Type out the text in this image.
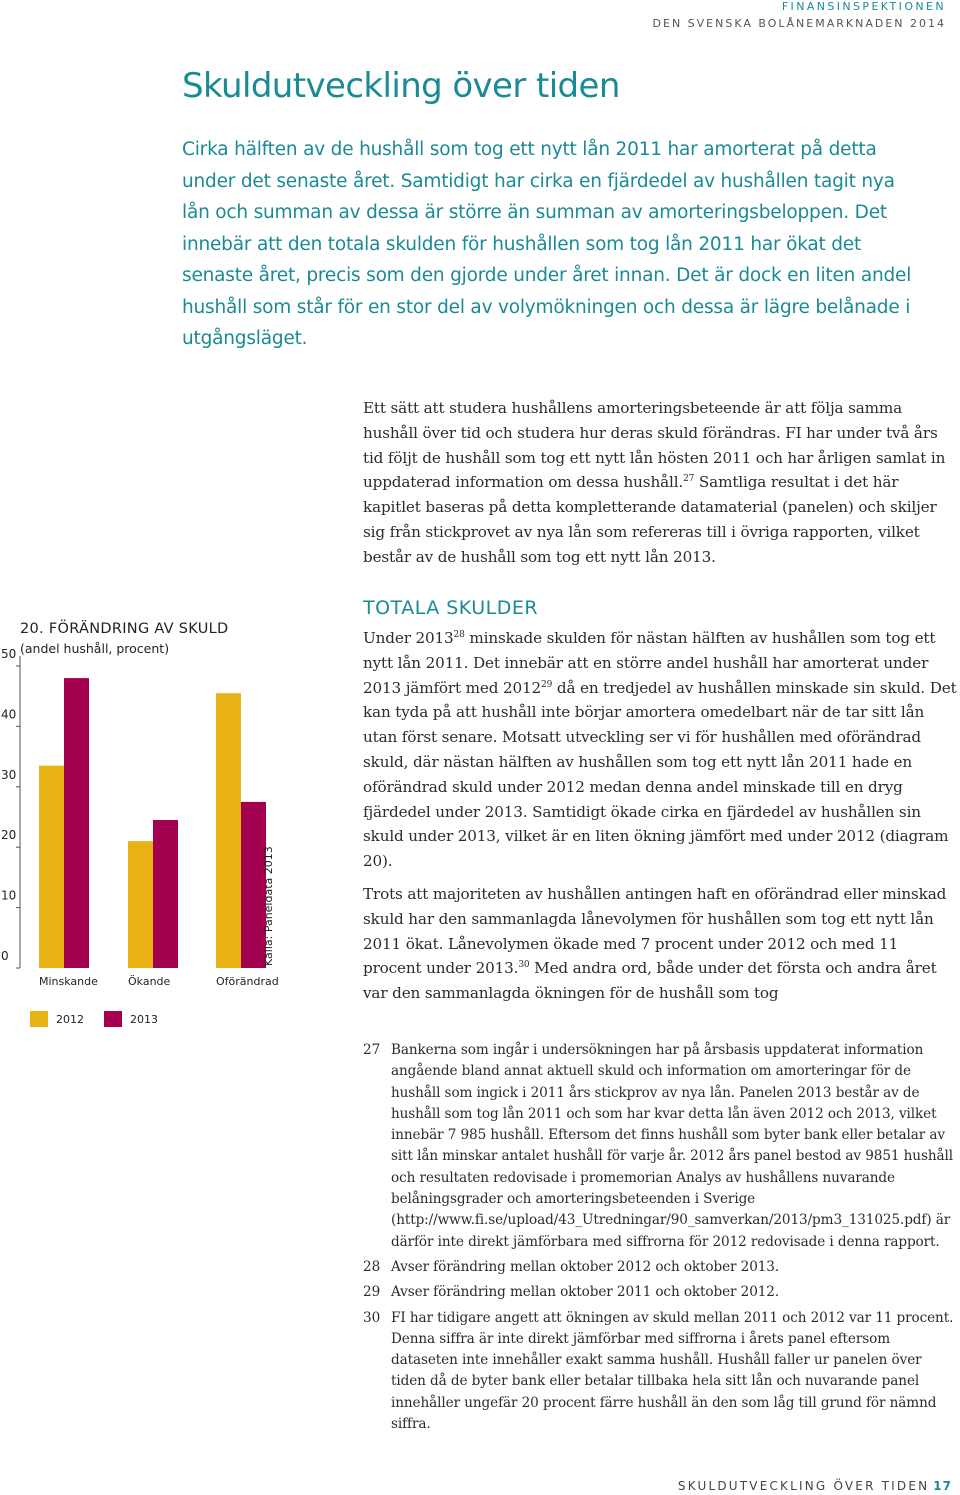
FINANSINSPEKTIONEN
DEN SVENSKA BOLÅNEMARKNADEN 2014
Skuldutveckling över tiden

Cirka hälften av de hushåll som tog ett nytt lån 2011 har amorterat på detta under det senaste året. Samtidigt har cirka en fjärdedel av hushållen tagit nya lån och summan av dessa är större än summan av amorteringsbeloppen. Det innebär att den totala skulden för hushållen som tog lån 2011 har ökat det senaste året, precis som den gjorde under året innan. Det är dock en liten andel hushåll som står för en stor del av volymökningen och dessa är lägre belånade i utgångsläget.

Ett sätt att studera hushållens amorteringsbeteende är att följa samma hushåll över tid och studera hur deras skuld förändras. FI har under två års tid följt de hushåll som tog ett nytt lån hösten 2011 och har årligen samlat in uppdaterad information om dessa hushåll.$^{27}$ Samtliga resultat i det här kapitlet baseras på detta kompletterande datamaterial (panelen) och skiljer sig från stickprovet av nya lån som refereras till i övriga rapporten, vilket består av de hushåll som tog ett nytt lån 2013.

TOTALA SKULDER

Under 2013$^{28}$ minskade skulden för nästan hälften av hushållen som tog ett nytt lån 2011. Det innebär att en större andel hushåll har amorterat under 2013 jämfört med 2012$^{29}$ då en tredjedel av hushållen minskade sin skuld. Det kan tyda på att hushåll inte börjar amortera omedelbart när de tar sitt lån utan först senare. Motsatt utveckling ser vi för hushållen med oförändrad skuld, där nästan hälften av hushållen som tog ett nytt lån 2011 hade en oförändrad skuld under 2012 medan denna andel minskade till en dryg fjärdedel under 2013. Samtidigt ökade cirka en fjärdedel av hushållen sin skuld under 2013, vilket är en liten ökning jämfört med under 2012 (diagram 20).

Trots att majoriteten av hushållen antingen haft en oförändrad eller minskad skuld har den sammanlagda lånevolymen för hushållen som tog ett nytt lån 2011 ökat. Lånevolymen ökade med 7 procent under 2012 och med 11 procent under 2013.30 Med andra ord, både under det första och andra året var den sammanlagda ökningen för de hushåll som tog

27 Bankerna som ingår i undersökningen har på årsbasis uppdaterat information angående bland annat aktuell skuld och information om amorteringar för de hushåll som ingick i 2011 års stickprov av nya lån. Panelen 2013 består av de hushåll som tog lån 2011 och som har kvar detta lån även 2012 och 2013, vilket innebär 7 985 hushåll. Eftersom det finns hushåll som byter bank eller betalar av sitt lån minskar antalet hushåll för varje år. 2012 års panel bestod av 9851 hushåll och resultaten redovisade i promemorian Analys av hushållens nuvarande belåningsgrader och amorteringsbeteenden i Sverige (http://www.fi.se/upload/43_Utredningar/90_samverkan/2013/pm3_131025.pdf) är därför inte direkt jämförbara med siffrorna för 2012 redovisade i denna rapport.
28 Avser förändring mellan oktober 2012 och oktober 2013.
29 Avser förändring mellan oktober 2011 och oktober 2012.
30 FI har tidigare angett att ökningen av skuld mellan 2011 och 2012 var 11 procent. Denna siffra är inte direkt jämförbar med siffrorna i årets panel eftersom dataseten inte innehåller exakt samma hushåll. Hushåll faller ur panelen över tiden då de byter bank eller betalar tillbaka hela sitt lån och nuvarande panel innehåller ungefär 20 procent färre hushåll än den som låg till grund för nämnd siffra.
SKULDUTVECKLING ÖVER TIDEN 17
20. FÖRÄNDRING AV SKULD
(andel hushåll, procent)
0
10
20
30
40
50
Minskande	Ökande	Oförändrad
Källa: Paneldata 2013
2012	2013
